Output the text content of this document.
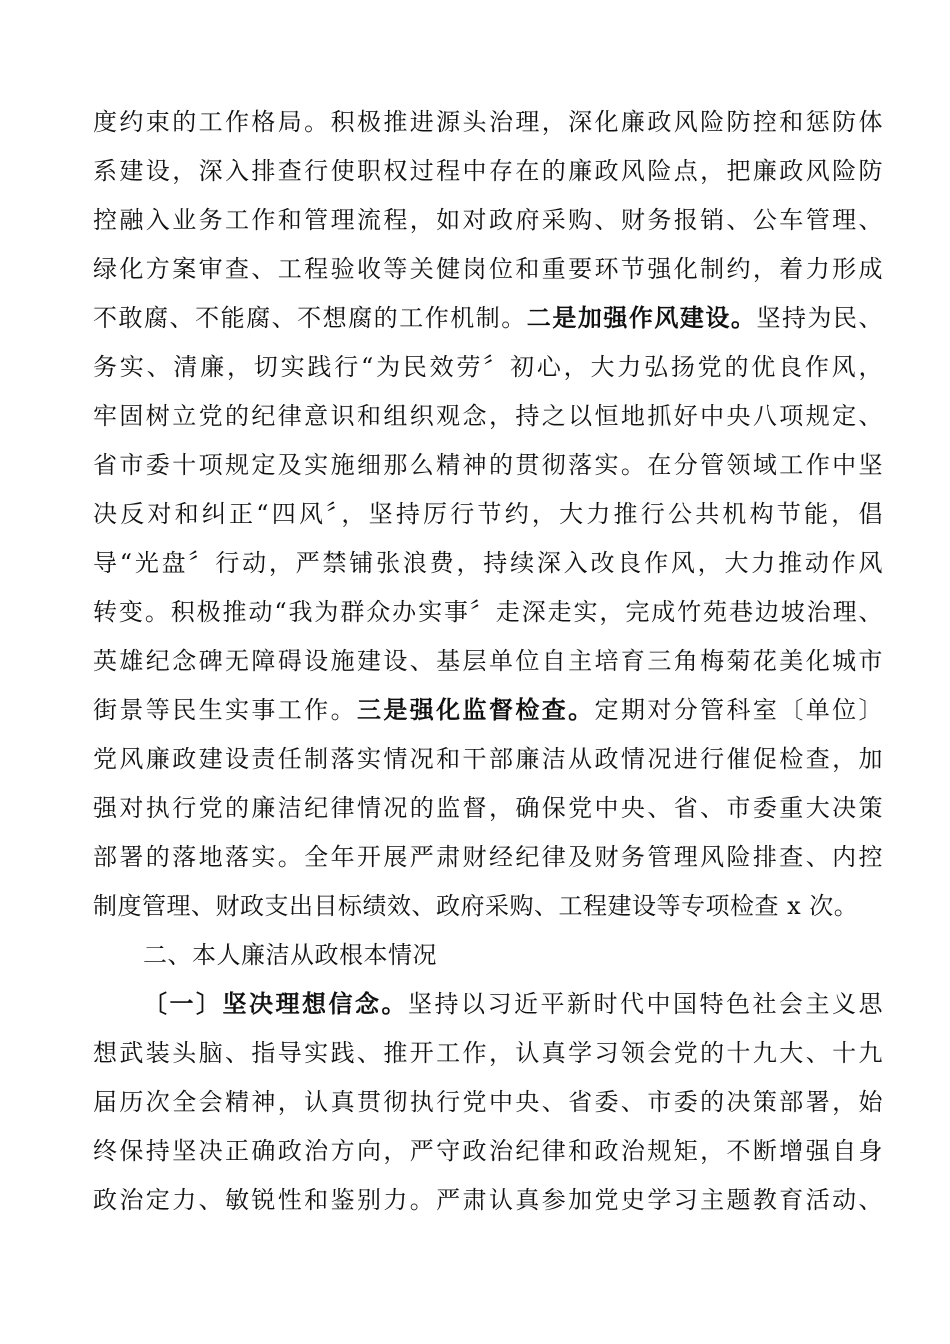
度约束的工作格局。积极推进源头治理，深化廉政风险防控和惩防体
系建设，深入排查行使职权过程中存在的廉政风险点，把廉政风险防
控融入业务工作和管理流程，如对政府采购、财务报销、公车管理、
绿化方案审查、工程验收等关健岗位和重要环节强化制约，着力形成
不敢腐、不能腐、不想腐的工作机制。二是加强作风建设。坚持为民、
务实、清廉，切实践行“为民效劳〞初心，大力弘扬党的优良作风，
牢固树立党的纪律意识和组织观念，持之以恒地抓好中央八项规定、
省市委十项规定及实施细那么精神的贯彻落实。在分管领域工作中坚
决反对和纠正“四风〞，坚持厉行节约，大力推行公共机构节能，倡
导“光盘〞行动，严禁铺张浪费，持续深入改良作风，大力推动作风
转变。积极推动“我为群众办实事〞走深走实，完成竹苑巷边坡治理、
英雄纪念碑无障碍设施建设、基层单位自主培育三角梅菊花美化城市
街景等民生实事工作。三是强化监督检查。定期对分管科室〔单位〕
党风廉政建设责任制落实情况和干部廉洁从政情况进行催促检查，加
强对执行党的廉洁纪律情况的监督，确保党中央、省、市委重大决策
部署的落地落实。全年开展严肃财经纪律及财务管理风险排查、内控
制度管理、财政支出目标绩效、政府采购、工程建设等专项检查 x 次。
二、本人廉洁从政根本情况
〔一〕坚决理想信念。坚持以习近平新时代中国特色社会主义思
想武装头脑、指导实践、推开工作，认真学习领会党的十九大、十九
届历次全会精神，认真贯彻执行党中央、省委、市委的决策部署，始
终保持坚决正确政治方向，严守政治纪律和政治规矩，不断增强自身
政治定力、敏锐性和鉴别力。严肃认真参加党史学习主题教育活动、
